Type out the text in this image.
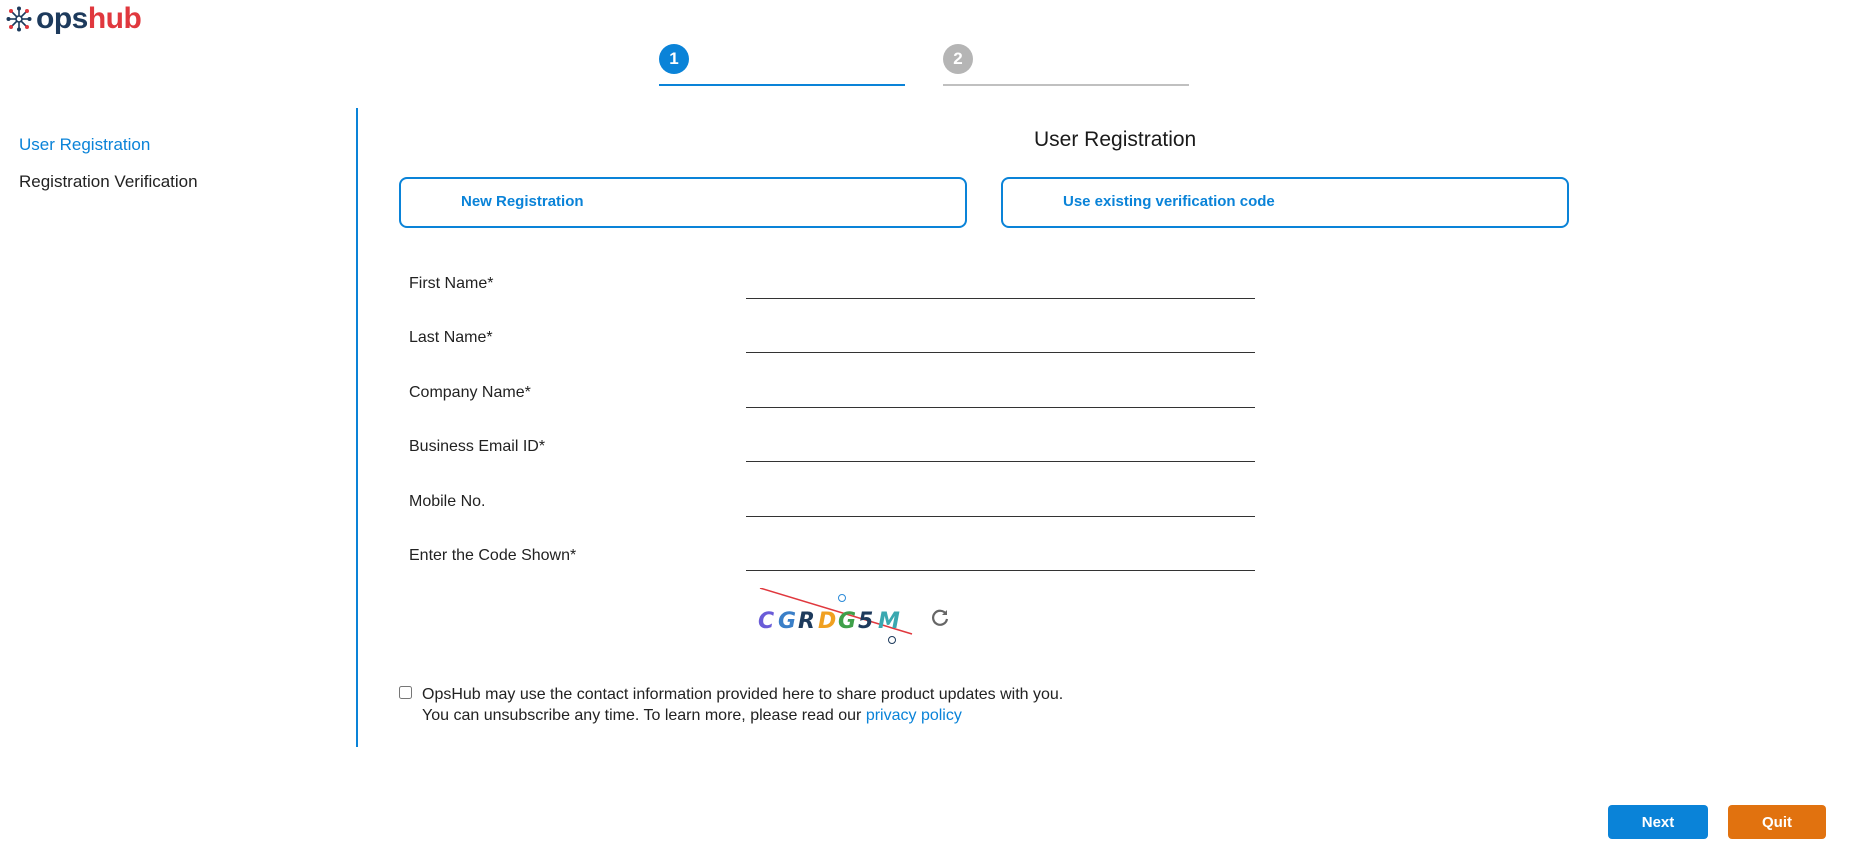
opshub
1	2
User Registration
Registration Verification
User Registration
New Registration	Use existing verification code
First Name*
Last Name*
Company Name*
Business Email ID*
Mobile No.
Enter the Code Shown*
C G R D G 5 M
OpsHub may use the contact information provided here to share product updates with you.
You can unsubscribe any time. To learn more, please read our privacy policy
Next	Quit
